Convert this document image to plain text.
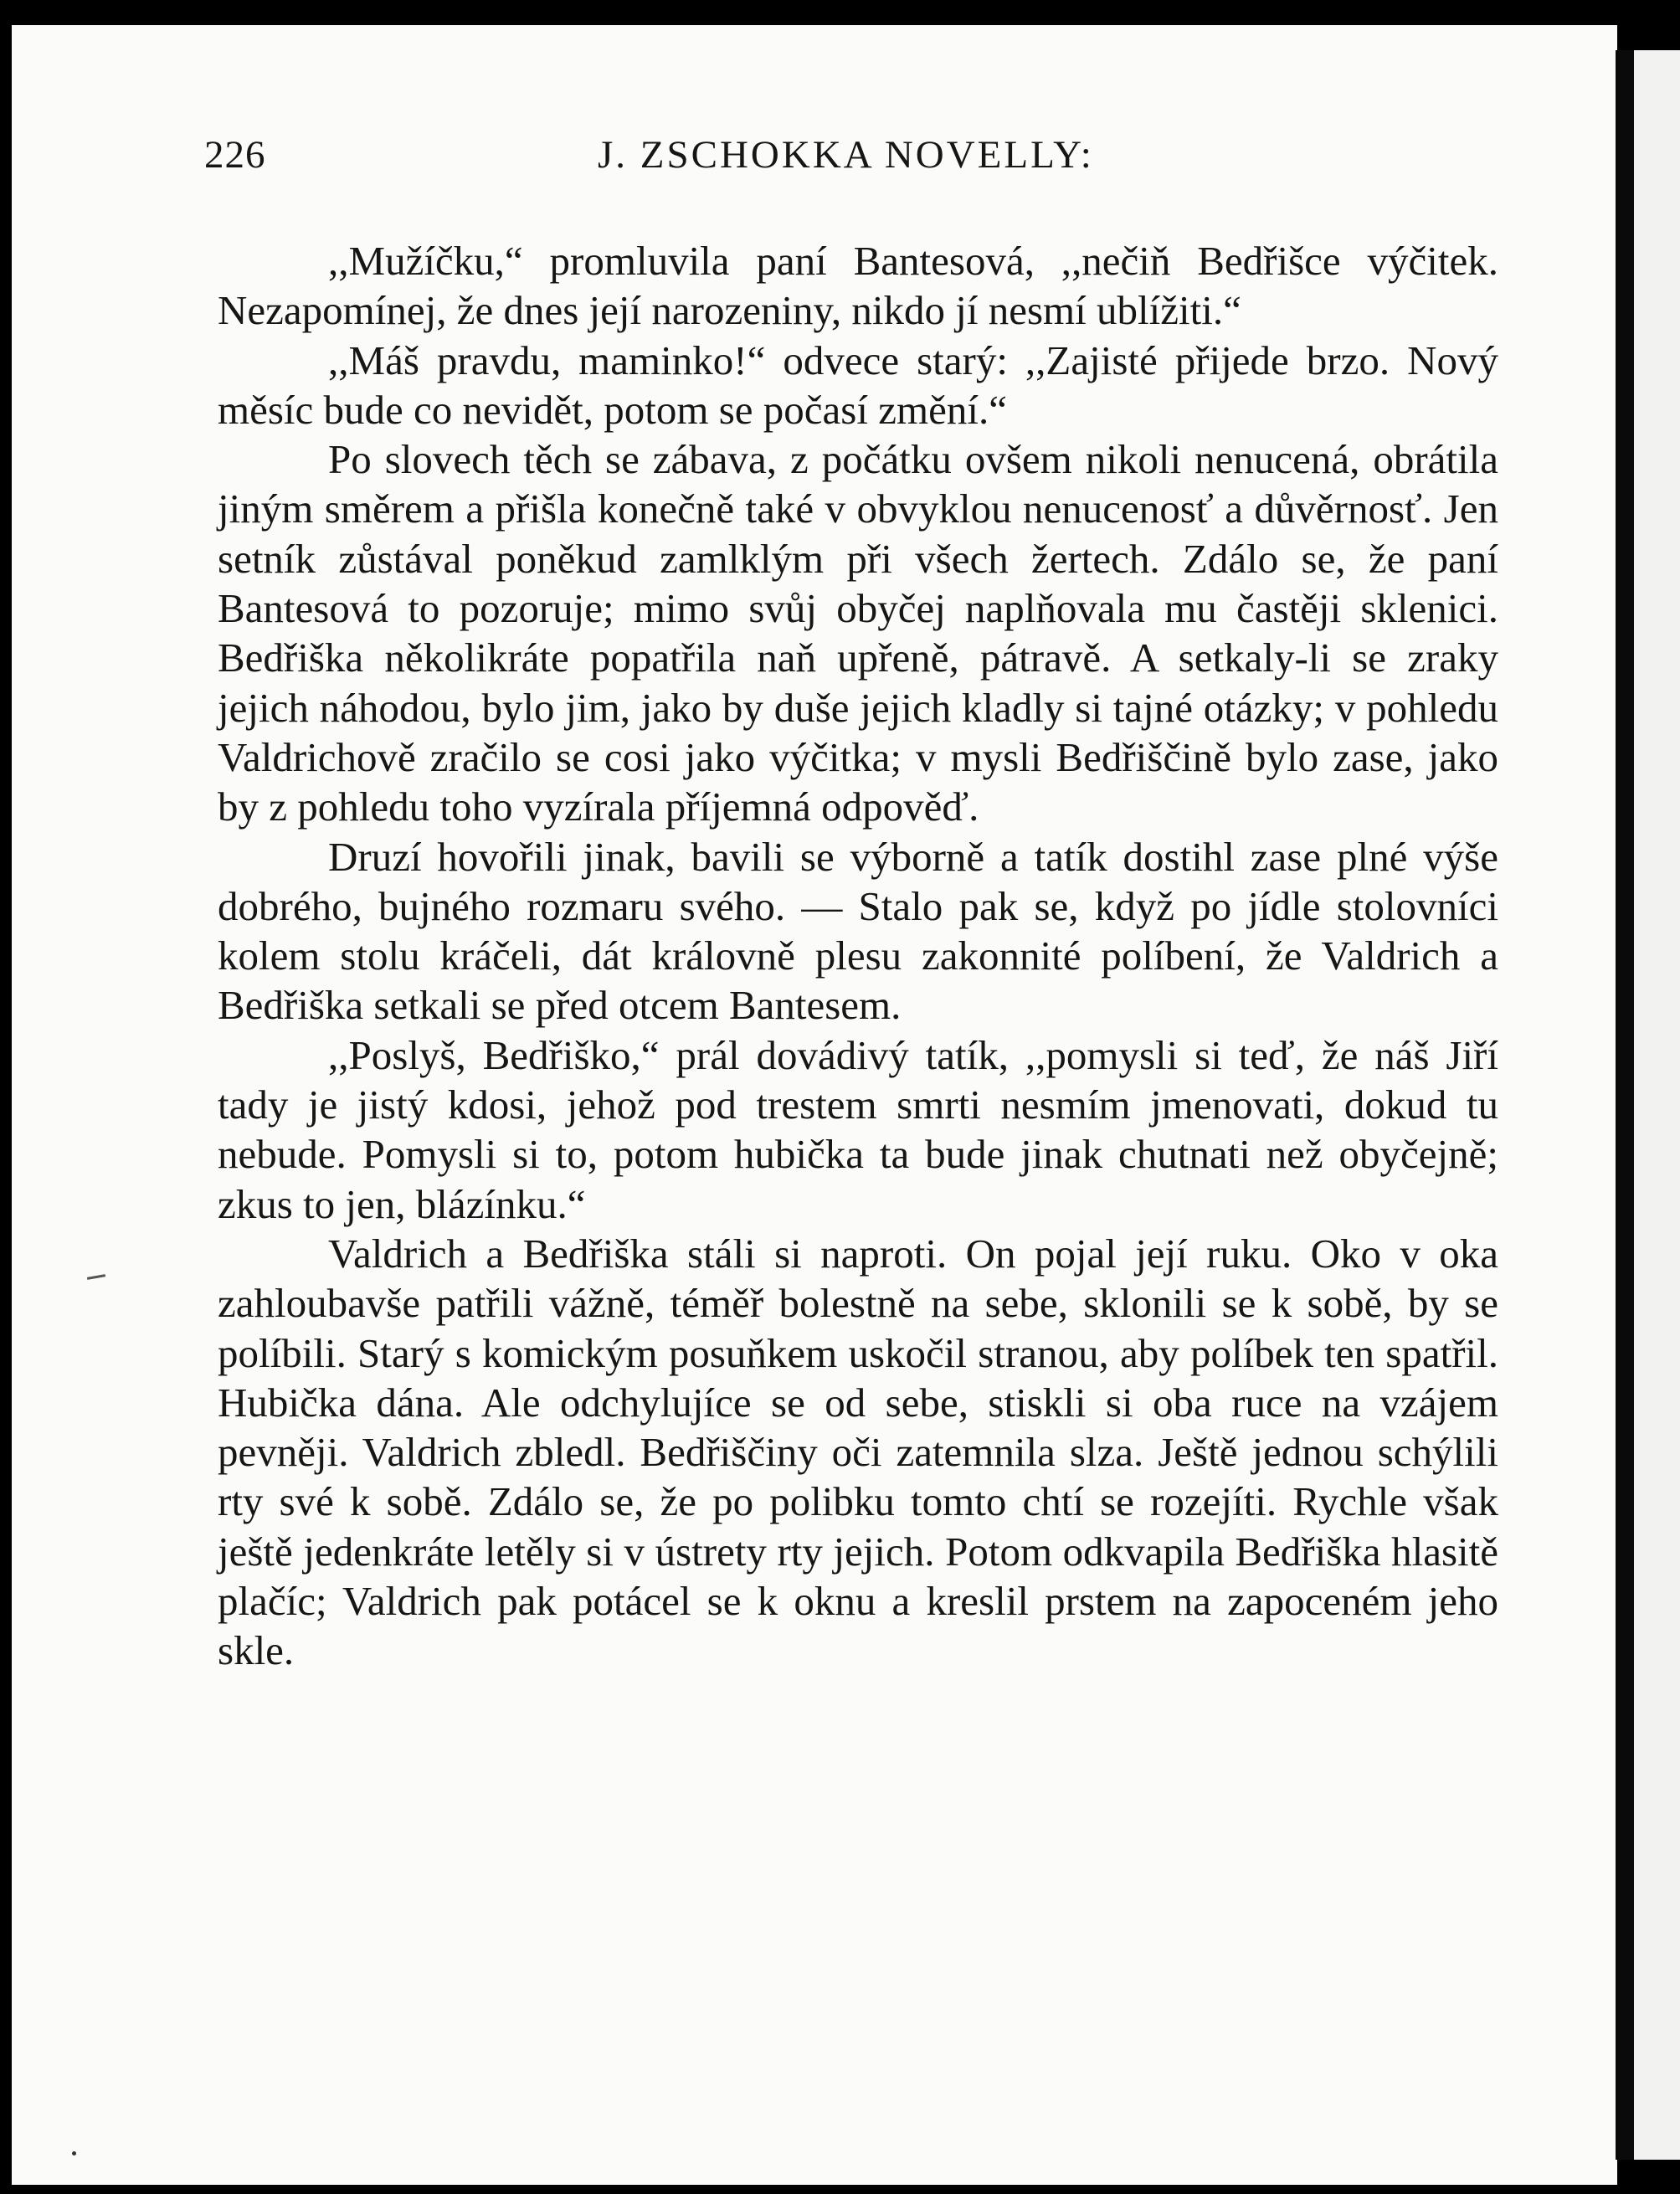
226	J. ZSCHOKKA NOVELLY:

,,Mužíčku,“ promluvila paní Bantesová, ,,nečiň Bedřišce výčitek. Nezapomínej, že dnes její narozeniny, nikdo jí nesmí ublížiti.“

,,Máš pravdu, maminko!“ odvece starý: ,,Zajisté přijede brzo. Nový měsíc bude co nevidět, potom se počasí změní.“

Po slovech těch se zábava, z počátku ovšem nikoli nenucená, obrátila jiným směrem a přišla konečně také v obvyklou nenucenosť a důvěrnosť. Jen setník zůstával poněkud zamlklým při všech žertech. Zdálo se, že paní Bantesová to pozoruje; mimo svůj obyčej naplňovala mu častěji sklenici. Bedřiška několikráte popatřila naň upřeně, pátravě. A setkaly-li se zraky jejich náhodou, bylo jim, jako by duše jejich kladly si tajné otázky; v pohledu Valdrichově zračilo se cosi jako výčitka; v mysli Bedřiščině bylo zase, jako by z pohledu toho vyzírala příjemná odpověď.

Druzí hovořili jinak, bavili se výborně a tatík dostihl zase plné výše dobrého, bujného rozmaru svého. — Stalo pak se, když po jídle stolovníci kolem stolu kráčeli, dát královně plesu zakonnité políbení, že Valdrich a Bedřiška setkali se před otcem Bantesem.

,,Poslyš, Bedřiško,“ prál dovádivý tatík, ,,pomysli si teď, že náš Jiří tady je jistý kdosi, jehož pod trestem smrti nesmím jmenovati, dokud tu nebude. Pomysli si to, potom hubička ta bude jinak chutnati než obyčejně; zkus to jen, blázínku.“

Valdrich a Bedřiška stáli si naproti. On pojal její ruku. Oko v oka zahloubavše patřili vážně, téměř bolestně na sebe, sklonili se k sobě, by se políbili. Starý s komickým posuňkem uskočil stranou, aby políbek ten spatřil. Hubička dána. Ale odchylujíce se od sebe, stiskli si oba ruce na vzájem pevněji. Valdrich zbledl. Bedřiščiny oči zatemnila slza. Ještě jednou schýlili rty své k sobě. Zdálo se, že po polibku tomto chtí se rozejíti. Rychle však ještě jedenkráte letěly si v ústrety rty jejich. Potom odkvapila Bedřiška hlasitě plačíc; Valdrich pak potácel se k oknu a kreslil prstem na zapoceném jeho skle.
